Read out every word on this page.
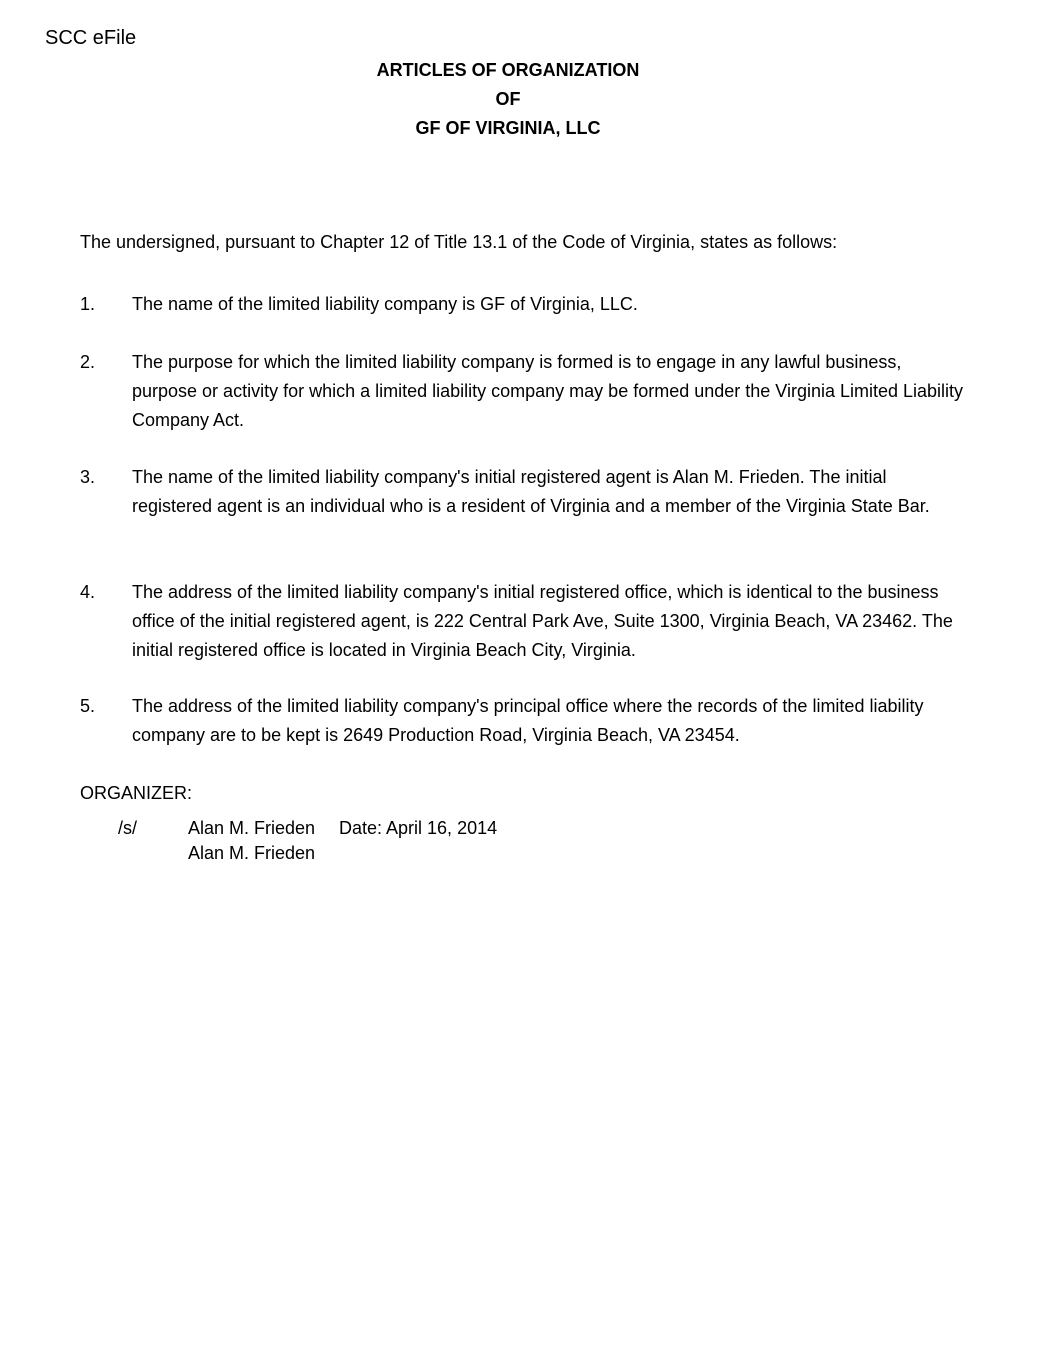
SCC eFile
ARTICLES OF ORGANIZATION
OF
GF OF VIRGINIA, LLC
The undersigned, pursuant to Chapter 12 of Title 13.1 of the Code of Virginia, states as follows:
1.	The name of the limited liability company is GF of Virginia, LLC.
2.	The purpose for which the limited liability company is formed is to engage in any lawful business, purpose or activity for which a limited liability company may be formed under the Virginia Limited Liability Company Act.
3.	The name of the limited liability company's initial registered agent is Alan M. Frieden. The initial registered agent is an individual who is a resident of Virginia and a member of the Virginia State Bar.
4.	The address of the limited liability company's initial registered office, which is identical to the business office of the initial registered agent, is 222 Central Park Ave, Suite 1300, Virginia Beach, VA 23462. The initial registered office is located in Virginia Beach City, Virginia.
5.	The address of the limited liability company's principal office where the records of the limited liability company are to be kept is 2649 Production Road, Virginia Beach, VA 23454.
ORGANIZER:
/s/	Alan M. Frieden Date: April 16, 2014
Alan M. Frieden
